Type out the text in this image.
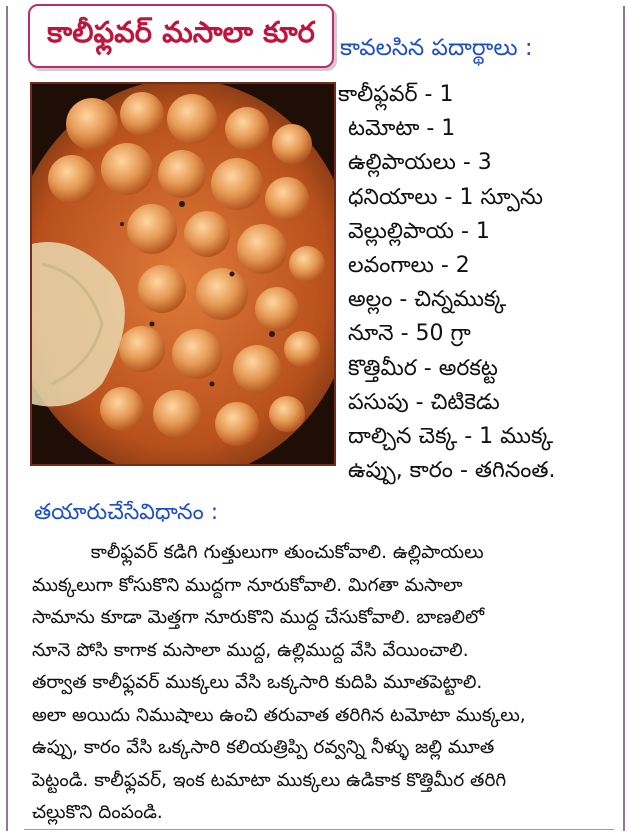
కాలీఫ్లవర్ మసాలా కూర కావలసిన పదార్థాలు :
కాలీఫ్లవర్ - 1
టమోటా - 1
ఉల్లిపాయలు - 3
ధనియాలు - 1 స్పూను
వెల్లుల్లిపాయ - 1
లవంగాలు - 2
అల్లం - చిన్నముక్క
నూనె - 50 గ్రా
కొత్తిమీర - అరకట్ట
పసుపు - చిటికెడు
దాల్చిన చెక్క - 1 ముక్క
ఉప్పు, కారం - తగినంత.
తయారుచేసేవిధానం :
కాలీఫ్లవర్ కడిగి గుత్తులుగా తుంచుకోవాలి. ఉల్లిపాయలు
ముక్కలుగా కోసుకొని ముద్దగా నూరుకోవాలి. మిగతా మసాలా
సామాను కూడా మెత్తగా నూరుకొని ముద్ద చేసుకోవాలి. బాణలిలో
నూనె పోసి కాగాక మసాలా ముద్ద, ఉల్లిముద్ద వేసి వేయించాలి.
తర్వాత కాలీఫ్లవర్ ముక్కలు వేసి ఒక్కసారి కుదిపి మూతపెట్టాలి.
అలా అయిదు నిముషాలు ఉంచి తరువాత తరిగిన టమోటా ముక్కలు,
ఉప్పు, కారం వేసి ఒక్కసారి కలియత్రిప్పి రవ్వన్ని నీళ్ళు జల్లి మూత
పెట్టండి. కాలీఫ్లవర్, ఇంక టమాటా ముక్కలు ఉడికాక కొత్తిమీర తరిగి
చల్లుకొని దింపండి.
